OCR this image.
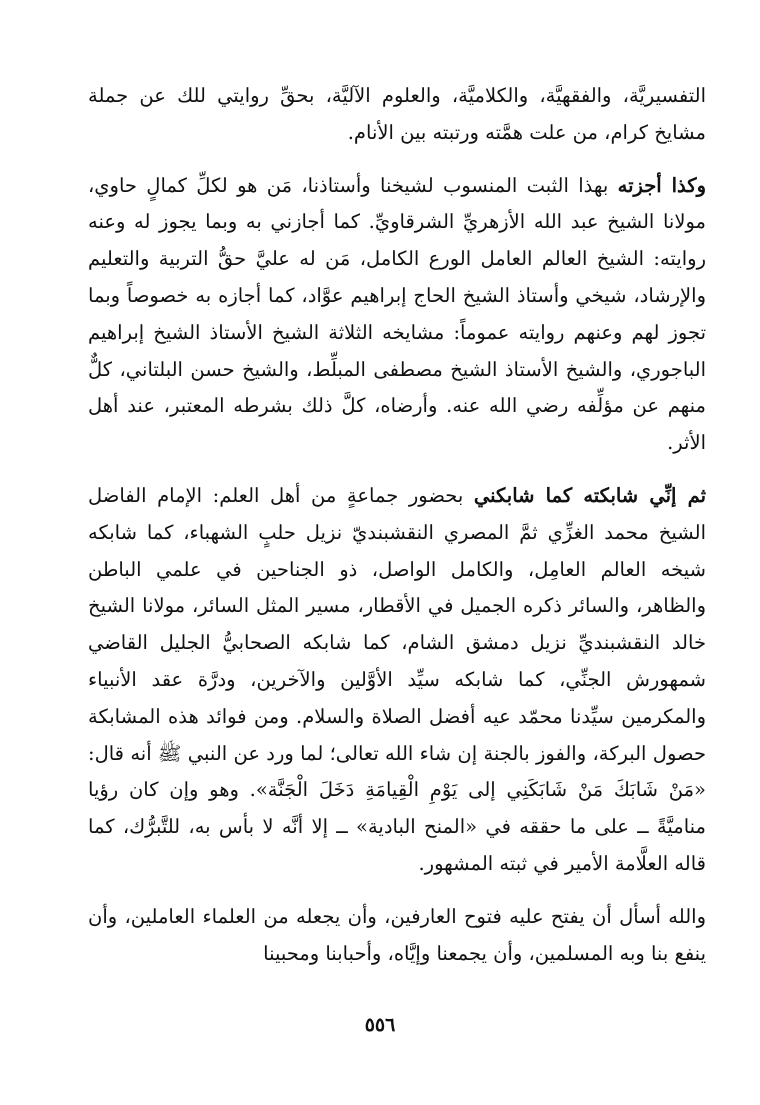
التفسيريَّة، والفقهيَّة، والكلاميَّة، والعلوم الآليَّة، بحقِّ روايتي للك عن جملة مشايخ كرام، من علت همَّته ورتبته بين الأنام.

وكذا أجزته بهذا الثبت المنسوب لشيخنا وأستاذنا، مَن هو لكلِّ كمالٍ حاوي، مولانا الشيخ عبد الله الأزهريِّ الشرقاويِّ. كما أجازني به وبما يجوز له وعنه روايته: الشيخ العالم العامل الورع الكامل، مَن له عليَّ حقُّ التربية والتعليم والإرشاد، شيخي وأستاذ الشيخ الحاج إبراهيم عوَّاد، كما أجازه به خصوصاً وبما تجوز لهم وعنهم روايته عموماً: مشايخه الثلاثة الشيخ الأستاذ الشيخ إبراهيم الباجوري، والشيخ الأستاذ الشيخ مصطفى المبلِّط، والشيخ حسن البلتاني، كلٌّ منهم عن مؤلِّفه رضي الله عنه. وأرضاه، كلَّ ذلك بشرطه المعتبر، عند أهل الأثر.

ثم إنِّي شابكته كما شابكني بحضور جماعةٍ من أهل العلم: الإمام الفاضل الشيخ محمد الغزِّي ثمَّ المصري النقشبنديّ نزيل حلبٍ الشهباء، كما شابكه شيخه العالم العامِل، والكامل الواصل، ذو الجناحين في علمي الباطن والظاهر، والسائر ذكره الجميل في الأقطار، مسير المثل السائر، مولانا الشيخ خالد النقشبنديِّ نزيل دمشق الشام، كما شابكه الصحابيُّ الجليل القاضي شمهورش الجنِّي، كما شابكه سيِّد الأوَّلين والآخرين، ودرَّة عقد الأنبياء والمكرمين سيِّدنا محمّد عيه أفضل الصلاة والسلام. ومن فوائد هذه المشابكة حصول البركة، والفوز بالجنة إن شاء الله تعالى؛ لما ورد عن النبي ﷺ أنه قال: «مَنْ شَابَكَ مَنْ شَابَكَنِي إلى يَوْمِ الْقِيامَةِ دَخَلَ الْجَنَّة». وهو وإن كان رؤيا مناميَّةً ــ على ما حققه في «المنح البادية» ــ إلا أنَّه لا بأس به، للتَّبرُّك، كما قاله العلَّامة الأمير في ثبته المشهور.

والله أسأل أن يفتح عليه فتوح العارفين، وأن يجعله من العلماء العاملين، وأن ينفع بنا وبه المسلمين، وأن يجمعنا وإيَّاه، وأحبابنا ومحبينا

٥٥٦
